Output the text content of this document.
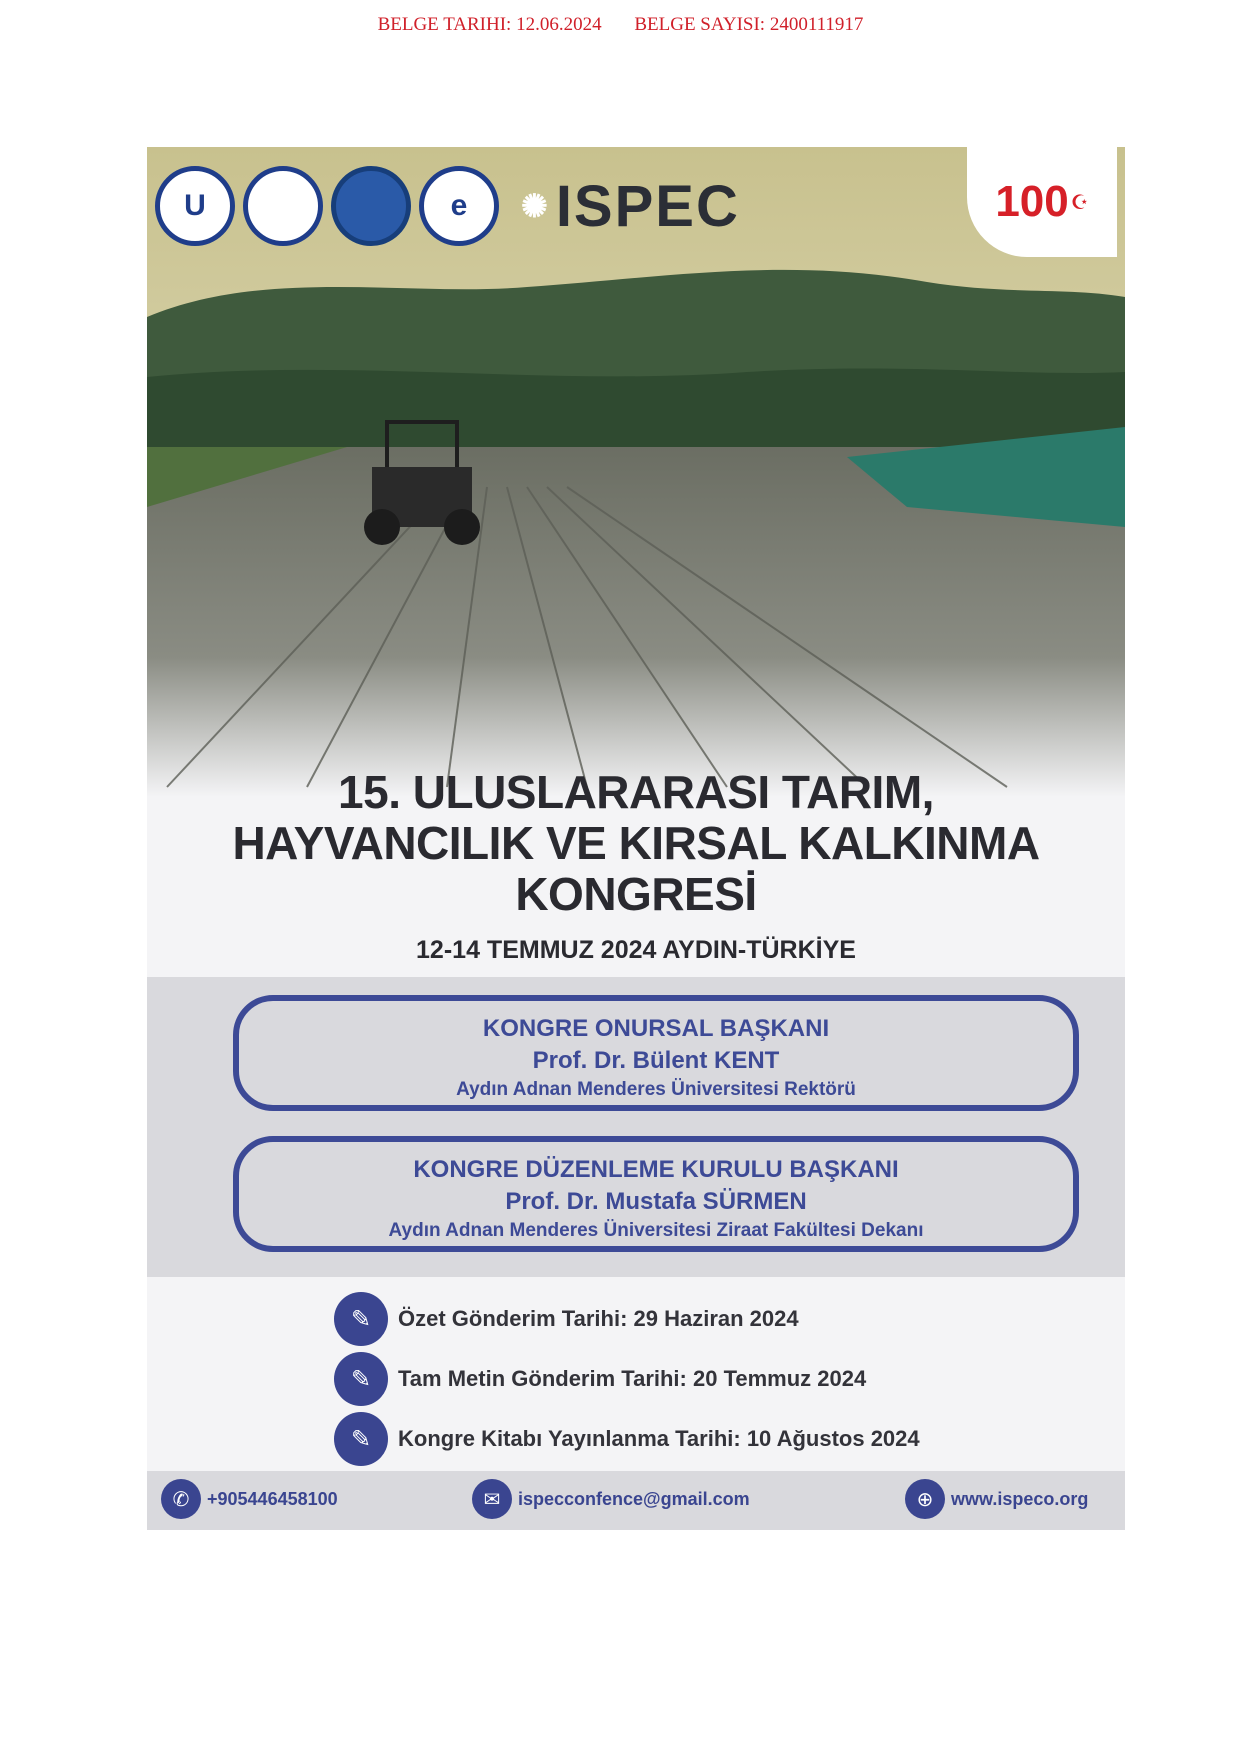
BELGE TARIHI: 12.06.2024 BELGE SAYISI: 2400111917
U	e	✺ ISPEC	100 ☪
15. ULUSLARARASI TARIM,
HAYVANCILIK VE KIRSAL KALKINMA
KONGRESİ
12-14 TEMMUZ 2024 AYDIN-TÜRKİYE
KONGRE ONURSAL BAŞKANI
Prof. Dr. Bülent KENT
Aydın Adnan Menderes Üniversitesi Rektörü
KONGRE DÜZENLEME KURULU BAŞKANI
Prof. Dr. Mustafa SÜRMEN
Aydın Adnan Menderes Üniversitesi Ziraat Fakültesi Dekanı
✎	Özet Gönderim Tarihi: 29 Haziran 2024
✎	Tam Metin Gönderim Tarihi: 20 Temmuz 2024
✎	Kongre Kitabı Yayınlanma Tarihi: 10 Ağustos 2024
✆ +905446458100	✉ ispecconfence@gmail.com	⊕ www.ispeco.org
